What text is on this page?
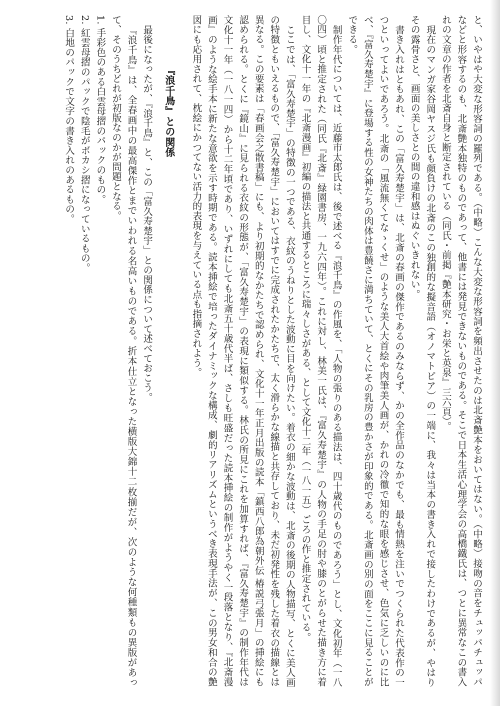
と、いやはや大変な形容詞の羅列である。（中略）こんな大変な形容詞を頻出させたのは北斎艶本をおいてはない。（中略）接吻の音をチュッパチュッパなどと形容するのも、北斎艶本独特のものであって、他書には発見できないものである。そこで日本生活心理学会の高橋鐵氏は、つとに異常なこの書入れの文章の作者を北斎自身と断定されている（同氏・前掲『艶本研究・お栄と英泉』三六頁）。

現在のマンガ家谷岡ヤスジ氏も顔負けの北斎のこの独創的な擬音語（オノマトピア）の一端に、我々は当本の書き入れで接したわけであるが、やはりその露骨さと、画面の美しさとの間の違和感はぬぐいきれない。

書き入れはともあれ、この「富久寿楚宇」は、北斎の春画の傑作であるのみならず、かの全作品のなかでも、最も情熱を注いでつくられた代表作の一つといってよいであろう。北斎の「風流無くてなゝくせ」のような美人大首絵や肉筆美人画が、かれの冷徹で知的な眼を感じさせ、色気に乏しいのに比べ、『富久寿楚宇』に登場する性の女神たちの肉体は豊饒さに満ちていて、とくにその乳房の豊かさが印象的である。北斎画の別の面をここに見ることができる。

制作年代については、近藤市太郎氏は、後で述べる『浪千鳥』の作風を、「人物の張りのある描法は、四十歳代のものであろう」とし、文化初年（一八〇四）頃と推定された（同氏『北斎』緑園書房、一九六四年）。これに対し、林美一氏は、『富久寿楚宇』の人物の手足の肘や膝のとがらせた描き方に着目し、文化十一年の『北斎漫画』初編の描法と共通するところに瑞々しさがある、として文化十二年（一八一五）ごろの作と推定されている。

ここでは、「富久寿楚宇」の特徴の一つである、衣紋のうねりとした波動に目を向けたい。着衣の細かな波動は、北斎の後期の人物描写、とくに美人画の特徴ともいえるもので、「富久寿楚宇」においてはすでに完成されたかたちで、太く滑らかな線描と共存しており、未だ初発性を残した着衣の描線とは異なる。この要素は「春画会之散書稿」にも、より初期的なかたちで認められ、文化十一年正月出版の読本「鎮西八郎為朝外伝 椿説弓張月」の挿絵にも認められる。とくに『鏡山』に見られる衣紋の形態が、「富久寿楚宇」の表現に類似する。林氏の所見にこれを加算すれば、『富久寿楚宇』の制作年代は文化十一年（一八一四）から十二年頃であり、いずれにしても北斎五十歳代半ば、さしも旺盛だった読本挿絵の制作がようやく一段落となり、『北斎漫画』のような絵手本に新たな意欲を示す時期である。読本挿絵で培ったダイナミックな構成、劇的リアリズムというべき表現手法が、この男女和合の艶図にも応用されて、枕絵にかつてない活力的表現を与えている点も指摘されよう。

『浪千鳥』との関係

最後になったが、『浪千鳥』と、この「富久寿楚宇」との関係について述べておこう。

『浪千鳥』は、全春画中の最高傑作とまでいわれる名高いものである。折本仕立となった横版大錦十二枚揃だが、次のような何種類もの異版があって、そのうちどれが初版なのかが問題となる。

1. 手彩色のある白雲母摺のパックのもの。

2. 紅雲母摺のパックで陰毛がボカシ摺になっているもの。

3. 白地のパックで文字の書き入れのあるもの。
